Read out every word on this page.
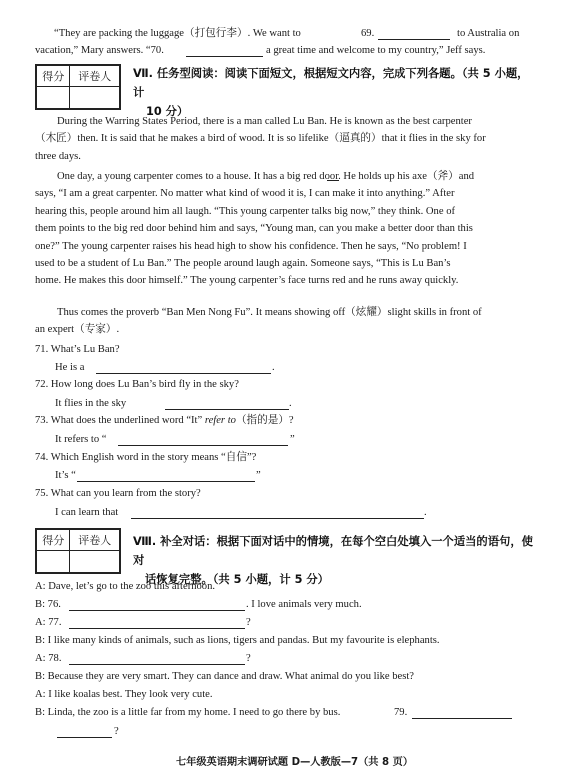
“They are packing the luggage（打包行李）. We want to	69.	to Australia on
vacation,” Mary answers. “70.	a great time and welcome to my country,” Jeff says.
得分	评卷人
	Ⅶ. 任务型阅读：阅读下面短文，根据短文内容，完成下列各题。（共 5 小题，计
10 分）
During the Warring States Period, there is a man called Lu Ban. He is known as the best carpenter
（木匠）then. It is said that he makes a bird of wood. It is so lifelike（逼真的）that it flies in the sky for
three days.
One day, a young carpenter comes to a house. It has a big red door. He holds up his axe（斧）and
says, “I am a great carpenter. No matter what kind of wood it is, I can make it into anything.” After
hearing this, people around him all laugh. “This young carpenter talks big now,” they think. One of
them points to the big red door behind him and says, “Young man, can you make a better door than this
one?” The young carpenter raises his head high to show his confidence. Then he says, “No problem! I
used to be a student of Lu Ban.” The people around laugh again. Someone says, “This is Lu Ban’s
home. He makes this door himself.” The young carpenter’s face turns red and he runs away quickly.
Thus comes the proverb “Ban Men Nong Fu”. It means showing off（炫耀）slight skills in front of
an expert（专家）.
71. What’s Lu Ban?
He is a	.
72. How long does Lu Ban’s bird fly in the sky?
It flies in the sky	.
73. What does the underlined word “It” refer to（指的是）?
It refers to “	”
74. Which English word in the story means “自信”?
It’s “	”
75. What can you learn from the story?
I can learn that	.
得分	评卷人
	Ⅷ. 补全对话：根据下面对话中的情境，在每个空白处填入一个适当的语句，使对
话恢复完整。（共 5 小题，计 5 分）
A: Dave, let’s go to the zoo this afternoon.
B: 76.	. I love animals very much.
A: 77.	?
B: I like many kinds of animals, such as lions, tigers and pandas. But my favourite is elephants.
A: 78.	?
B: Because they are very smart. They can dance and draw. What animal do you like best?
A: I like koalas best. They look very cute.
B: Linda, the zoo is a little far from my home. I need to go there by bus.	79.
?
七年级英语期末调研试题 D—人教版—7（共 8 页）
